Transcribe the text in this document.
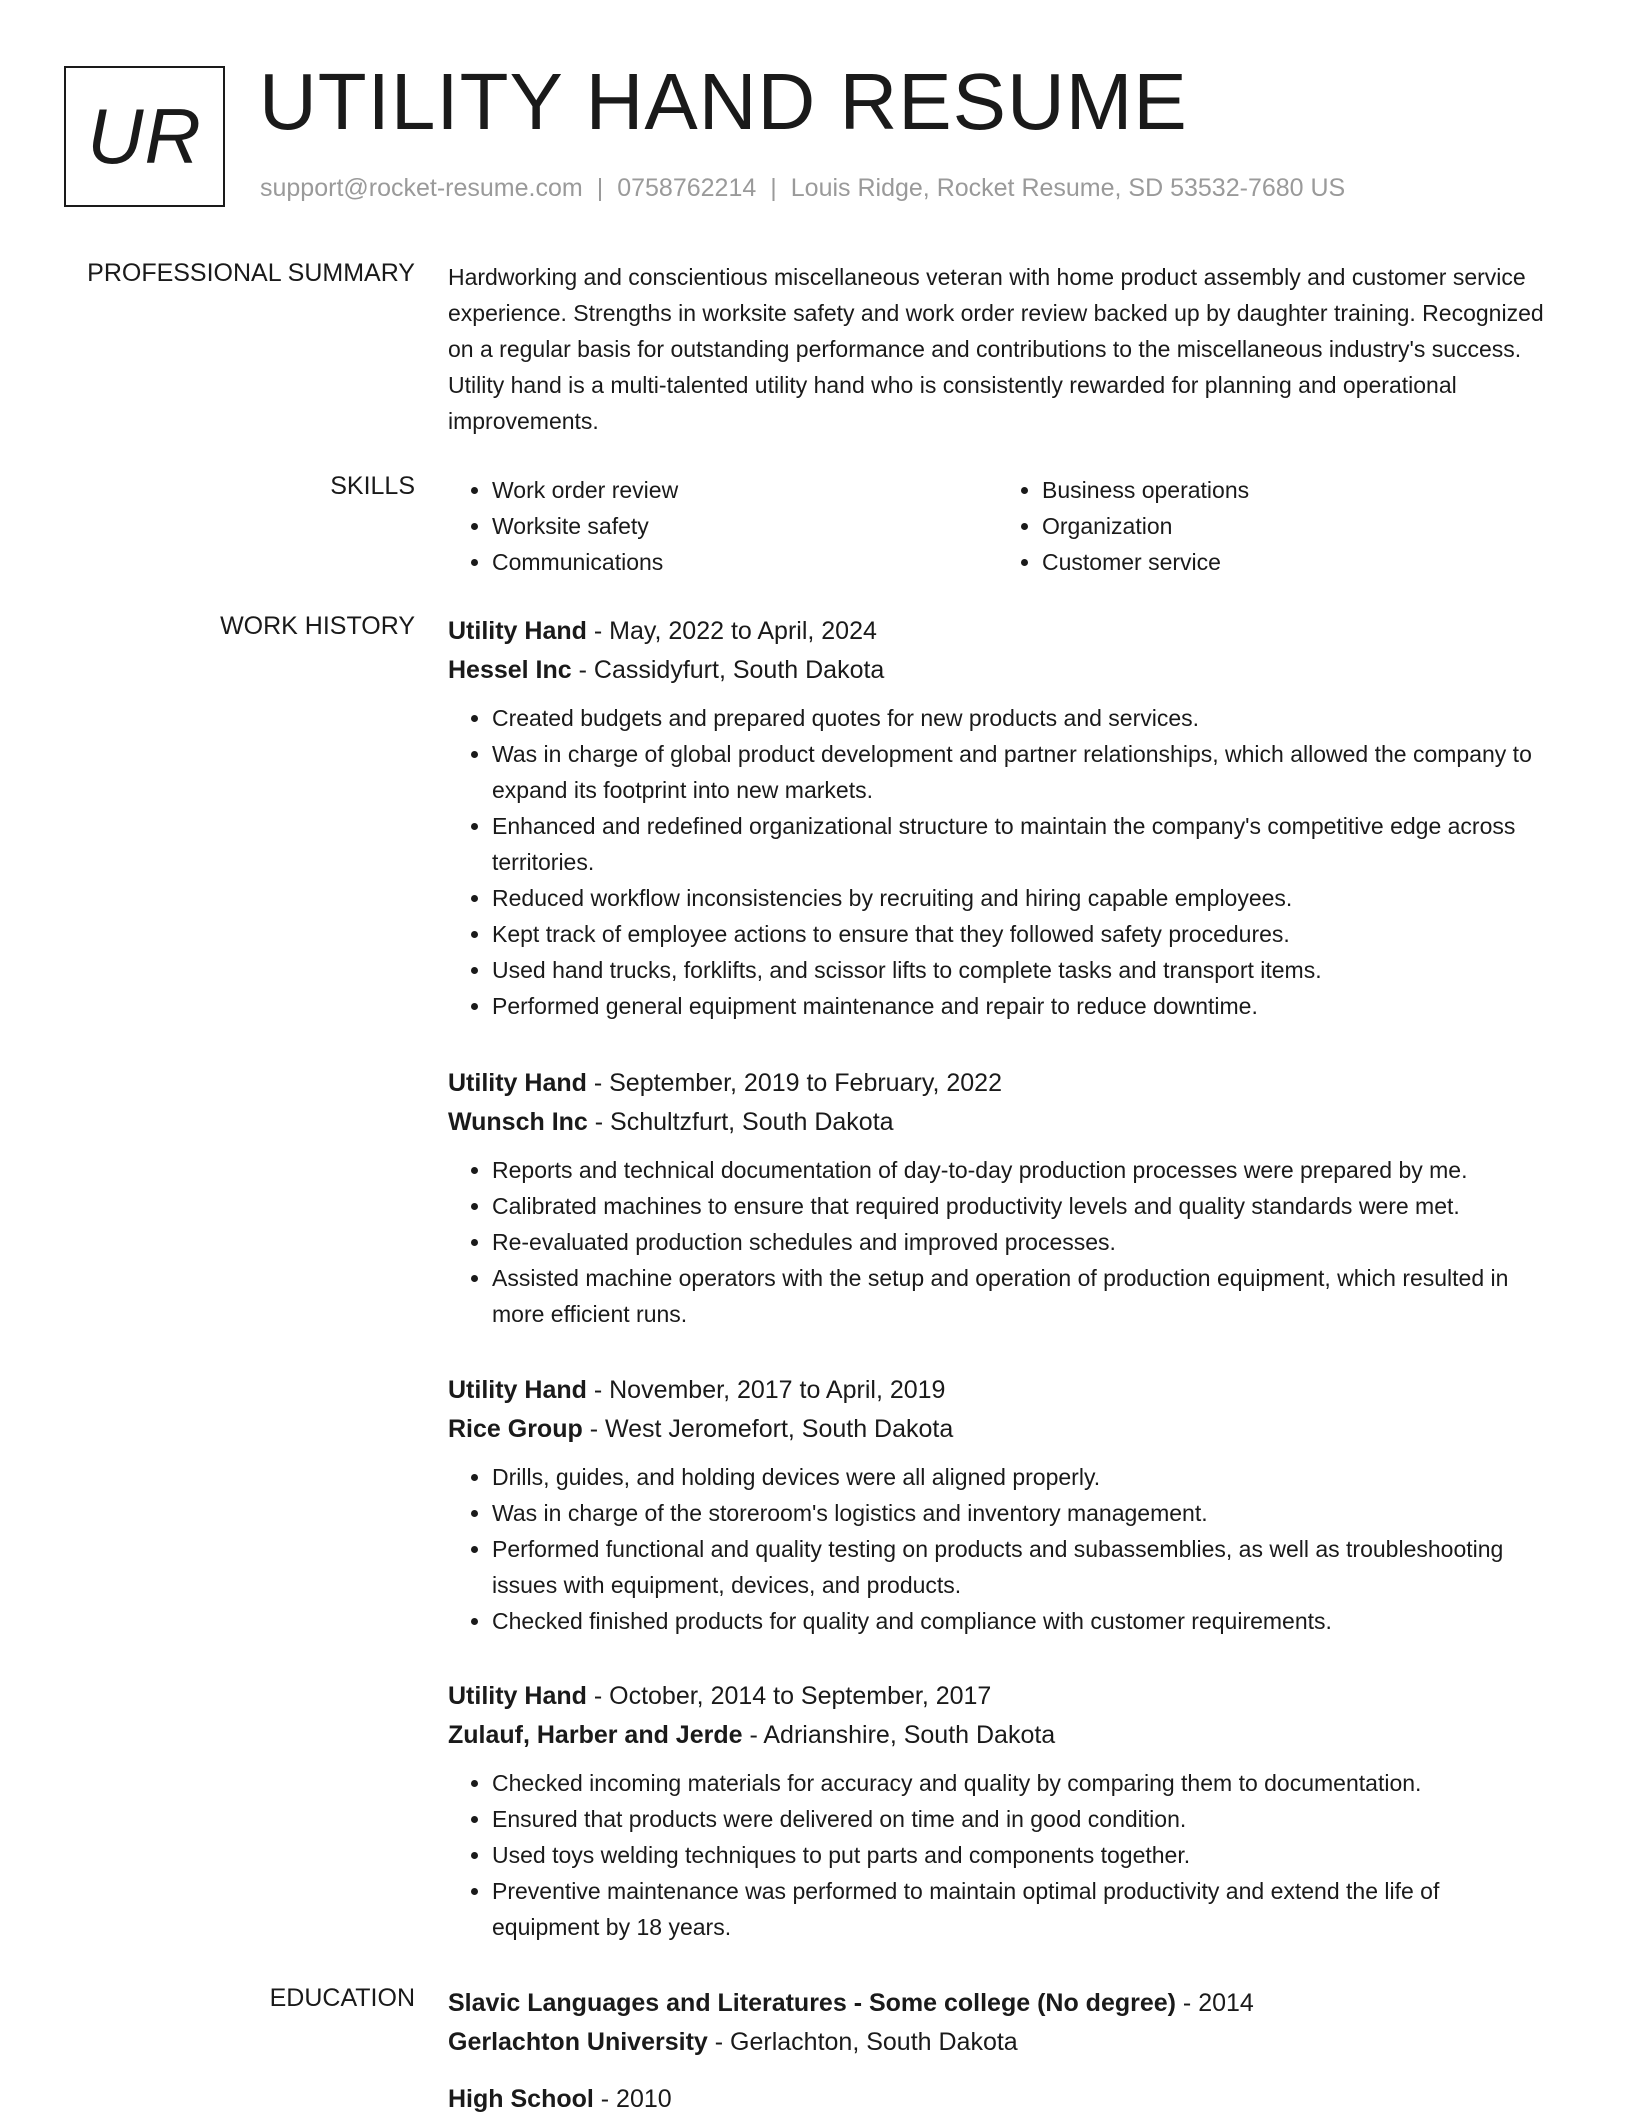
UR UTILITY HAND RESUME
support@rocket-resume.com | 0758762214 | Louis Ridge, Rocket Resume, SD 53532-7680 US
PROFESSIONAL SUMMARY Hardworking and conscientious miscellaneous veteran with home product assembly and customer service experience. Strengths in worksite safety and work order review backed up by daughter training. Recognized on a regular basis for outstanding performance and contributions to the miscellaneous industry's success. Utility hand is a multi-talented utility hand who is consistently rewarded for planning and operational improvements.

SKILLS
•	Work order review
• Worksite safety
• Communications
• Business operations
• Organization
• Customer service
WORK HISTORY Utility Hand - May, 2022 to April, 2024
Hessel Inc - Cassidyfurt, South Dakota
• Created budgets and prepared quotes for new products and services.
• Was in charge of global product development and partner relationships, which allowed the company to expand its footprint into new markets.
• Enhanced and redefined organizational structure to maintain the company's competitive edge across territories.
• Reduced workflow inconsistencies by recruiting and hiring capable employees.
• Kept track of employee actions to ensure that they followed safety procedures.
• Used hand trucks, forklifts, and scissor lifts to complete tasks and transport items.
• Performed general equipment maintenance and repair to reduce downtime.
Utility Hand - September, 2019 to February, 2022
Wunsch Inc - Schultzfurt, South Dakota
• Reports and technical documentation of day-to-day production processes were prepared by me.
• Calibrated machines to ensure that required productivity levels and quality standards were met.
• Re-evaluated production schedules and improved processes.
• Assisted machine operators with the setup and operation of production equipment, which resulted in more efficient runs.
Utility Hand - November, 2017 to April, 2019
Rice Group - West Jeromefort, South Dakota
• Drills, guides, and holding devices were all aligned properly.
• Was in charge of the storeroom's logistics and inventory management.
• Performed functional and quality testing on products and subassemblies, as well as troubleshooting issues with equipment, devices, and products.
• Checked finished products for quality and compliance with customer requirements.
Utility Hand - October, 2014 to September, 2017
Zulauf, Harber and Jerde - Adrianshire, South Dakota
• Checked incoming materials for accuracy and quality by comparing them to documentation.
• Ensured that products were delivered on time and in good condition.
• Used toys welding techniques to put parts and components together.
• Preventive maintenance was performed to maintain optimal productivity and extend the life of equipment by 18 years.
EDUCATION Slavic Languages and Literatures - Some college (No degree) - 2014
Gerlachton University - Gerlachton, South Dakota
High School - 2010
